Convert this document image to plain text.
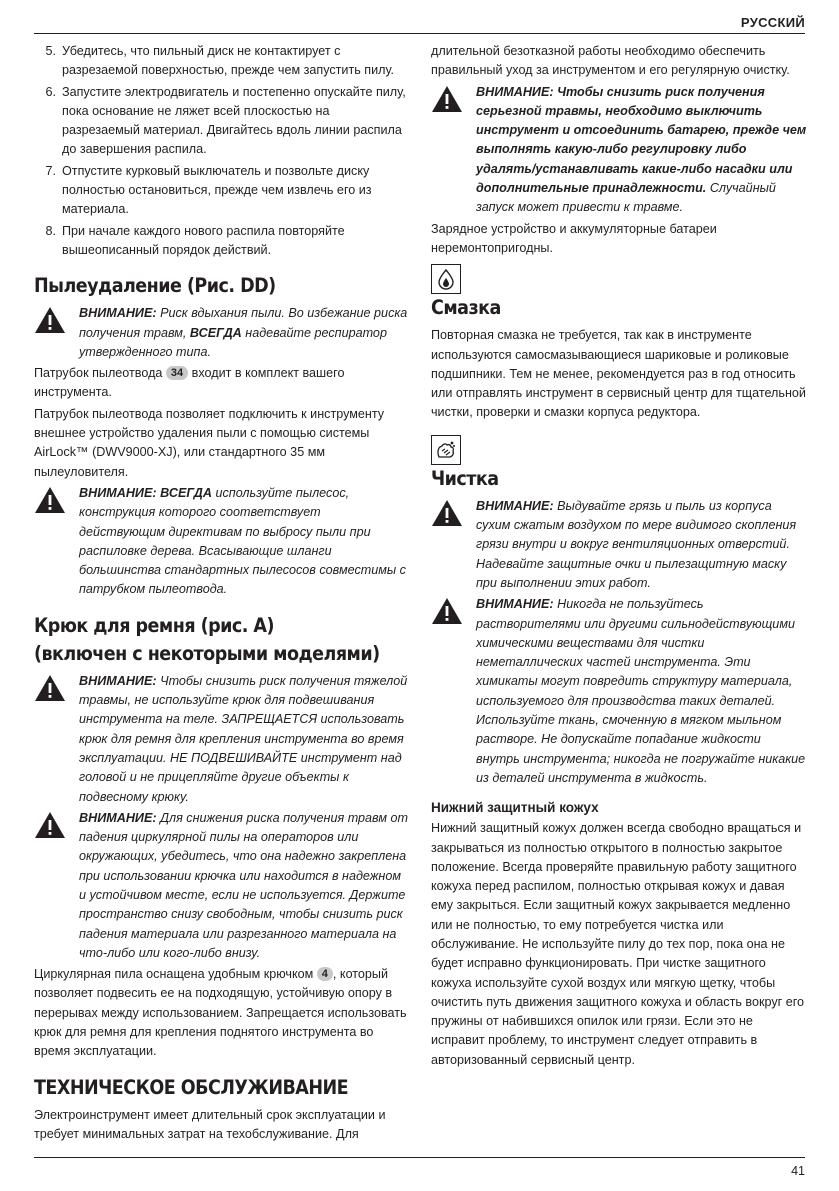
РУССКИЙ
5. Убедитесь, что пильный диск не контактирует с разрезаемой поверхностью, прежде чем запустить пилу.
6. Запустите электродвигатель и постепенно опускайте пилу, пока основание не ляжет всей плоскостью на разрезаемый материал. Двигайтесь вдоль линии распила до завершения распила.
7. Отпустите курковый выключатель и позвольте диску полностью остановиться, прежде чем извлечь его из материала.
8. При начале каждого нового распила повторяйте вышеописанный порядок действий.
Пылеудаление (Рис. DD)
ВНИМАНИЕ: Риск вдыхания пыли. Во избежание риска получения травм, ВСЕГДА надевайте респиратор утвержденного типа.

Патрубок пылеотвода 34 входит в комплект вашего инструмента.

Патрубок пылеотвода позволяет подключить к инструменту внешнее устройство удаления пыли с помощью системы AirLock™ (DWV9000-XJ), или стандартного 35 мм пылеуловителя.

ВНИМАНИЕ: ВСЕГДА используйте пылесос, конструкция которого соответствует действующим директивам по выбросу пыли при распиловке дерева. Всасывающие шланги большинства стандартных пылесосов совместимы с патрубком пылеотвода.
Крюк для ремня (рис. A)
(включен с некоторыми моделями)
ВНИМАНИЕ: Чтобы снизить риск получения тяжелой травмы, не используйте крюк для подвешивания инструмента на теле. ЗАПРЕЩАЕТСЯ использовать крюк для ремня для крепления инструмента во время эксплуатации. НЕ ПОДВЕШИВАЙТЕ инструмент над головой и не прицепляйте другие объекты к подвесному крюку.
ВНИМАНИЕ: Для снижения риска получения травм от падения циркулярной пилы на операторов или окружающих, убедитесь, что она надежно закреплена при использовании крючка или находится в надежном и устойчивом месте, если не используется. Держите пространство снизу свободным, чтобы снизить риск падения материала или разрезанного материала на что-либо или кого-либо внизу.

Циркулярная пила оснащена удобным крючком 4 , который позволяет подвесить ее на подходящую, устойчивую опору в перерывах между использованием. Запрещается использовать крюк для ремня для крепления поднятого инструмента во время эксплуатации.

ТЕХНИЧЕСКОЕ ОБСЛУЖИВАНИЕ

Электроинструмент имеет длительный срок эксплуатации и требует минимальных затрат на техобслуживание. Для

длительной безотказной работы необходимо обеспечить правильный уход за инструментом и его регулярную очистку.

ВНИМАНИЕ: Чтобы снизить риск получения серьезной травмы, необходимо выключить инструмент и отсоединить батарею, прежде чем выполнять какую-либо регулировку либо удалять/устанавливать какие-либо насадки или дополнительные принадлежности. Случайный запуск может привести к травме.

Зарядное устройство и аккумуляторные батареи неремонтопригодны.

Смазка

Повторная смазка не требуется, так как в инструменте используются самосмазывающиеся шариковые и роликовые подшипники. Тем не менее, рекомендуется раз в год относить или отправлять инструмент в сервисный центр для тщательной чистки, проверки и смазки корпуса редуктора.

Чистка
ВНИМАНИЕ: Выдувайте грязь и пыль из корпуса сухим сжатым воздухом по мере видимого скопления грязи внутри и вокруг вентиляционных отверстий. Надевайте защитные очки и пылезащитную маску при выполнении этих работ.
ВНИМАНИЕ: Никогда не пользуйтесь растворителями или другими сильнодействующими химическими веществами для чистки неметаллических частей инструмента. Эти химикаты могут повредить структуру материала, используемого для производства таких деталей. Используйте ткань, смоченную в мягком мыльном растворе. Не допускайте попадание жидкости внутрь инструмента; никогда не погружайте никакие из деталей инструмента в жидкость.
Нижний защитный кожух

Нижний защитный кожух должен всегда свободно вращаться и закрываться из полностью открытого в полностью закрытое положение. Всегда проверяйте правильную работу защитного кожуха перед распилом, полностью открывая кожух и давая ему закрыться. Если защитный кожух закрывается медленно или не полностью, то ему потребуется чистка или обслуживание. Не используйте пилу до тех пор, пока она не будет исправно функционировать. При чистке защитного кожуха используйте сухой воздух или мягкую щетку, чтобы очистить путь движения защитного кожуха и область вокруг его пружины от набившихся опилок или грязи. Если это не исправит проблему, то инструмент следует отправить в авторизованный сервисный центр.

41
